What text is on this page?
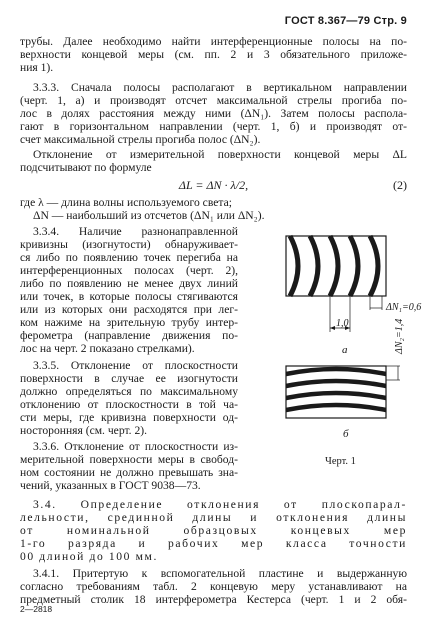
ГОСТ 8.367—79 Стр. 9
трубы. Далее необходимо найти интерференционные полосы на по-
верхности концевой меры (см. пп. 2 и 3 обязательного приложе-
ния 1).
3.3.3. Сначала полосы располагают в вертикальном направлении
(черт. 1, а) и производят отсчет максимальной стрелы прогиба по-
лос в долях расстояния между ними (ΔN₁). Затем полосы распола-
гают в горизонтальном направлении (черт. 1, б) и производят от-
счет максимальной стрелы прогиба полос (ΔN₂).
Отклонение от измерительной поверхности концевой меры ΔL
подсчитывают по формуле
ΔL = ΔN · λ/2,	(2)
где λ — длина волны используемого света;
ΔN — наибольший из отсчетов (ΔN₁ или ΔN₂).
3.3.4. Наличие разнонаправленной
кривизны (изогнутости) обнаруживает-
ся либо по появлению точек перегиба на
интерференционных полосах (черт. 2),
либо по появлению не менее двух линий
или точек, в которые полосы стягиваются
или из которых они расходятся при лег-
ком нажиме на зрительную трубу интер-
ферометра (направление движения по-
лос на черт. 2 показано стрелками).
3.3.5. Отклонение от плоскостности
поверхности в случае ее изогнутости
должно определяться по максимальному
отклонению от плоскостности в той ча-
сти меры, где кривизна поверхности од-
носторонняя (см. черт. 2).
3.3.6. Отклонение от плоскостности из-
мерительной поверхности меры в свобод-
ном состоянии не должно превышать зна-
чений, указанных в ГОСТ 9038—73.
3.4. Определение отклонения от плоскопарал-
лельности, срединной длины и отклонения длины
от номинальной образцовых концевых мер
1-го разряда и рабочих мер класса точности
00 длиной до 100 мм.
3.4.1. Притертую к вспомогательной пластине и выдержанную
согласно требованиям табл. 2 концевую меру устанавливают на
предметный столик 18 интерферометра Кестерса (черт. 1 и 2 обя-
ΔN₁=0,6
1,0
а	ΔN₂=1,4
б
Черт. 1
2—2818
